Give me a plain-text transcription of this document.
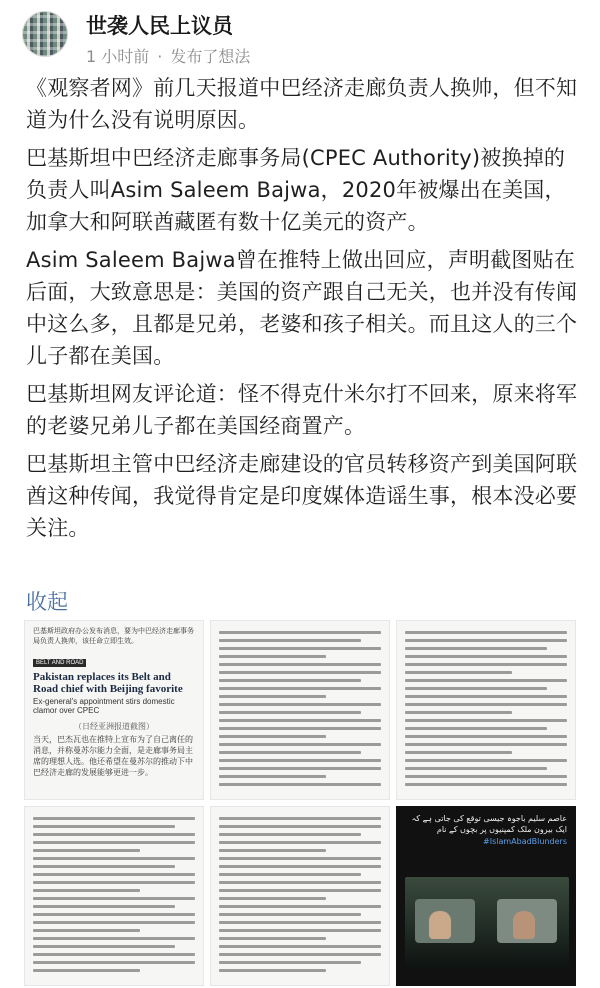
世袭人民上议员
1 小时前 · 发布了想法

《观察者网》前几天报道中巴经济走廊负责人换帅，但不知道为什么没有说明原因。

巴基斯坦中巴经济走廊事务局(CPEC Authority)被换掉的负责人叫Asim Saleem Bajwa，2020年被爆出在美国，加拿大和阿联酋藏匿有数十亿美元的资产。

Asim Saleem Bajwa曾在推特上做出回应，声明截图贴在后面，大致意思是：美国的资产跟自己无关，也并没有传闻中这么多，且都是兄弟，老婆和孩子相关。而且这人的三个儿子都在美国。

巴基斯坦网友评论道：怪不得克什米尔打不回来，原来将军的老婆兄弟儿子都在美国经商置产。

巴基斯坦主管中巴经济走廊建设的官员转移资产到美国阿联酋这种传闻，我觉得肯定是印度媒体造谣生事，根本没必要关注。

收起
巴基斯坦政府办公发布消息，要为中巴经济走廊事务局负责人换帅，该任命立即生效。
BELT AND ROAD
Pakistan replaces its Belt and Road chief with Beijing favorite
Ex-general's appointment stirs domestic clamor over CPEC
（日经亚洲报道截图）
当天，巴杰瓦也在推特上宣布为了自己离任的消息，并称曼苏尔能力全面，是走廊事务局主席的理想人选。他还希望在曼苏尔的推动下中巴经济走廊的发展能够更进一步。
عاصم سلیم باجوہ جیسی توقع کی جاتی ہے کہ ایک بیرون ملک کمپنیوں پر بچوں کے نام
#IslamAbadBlunders
